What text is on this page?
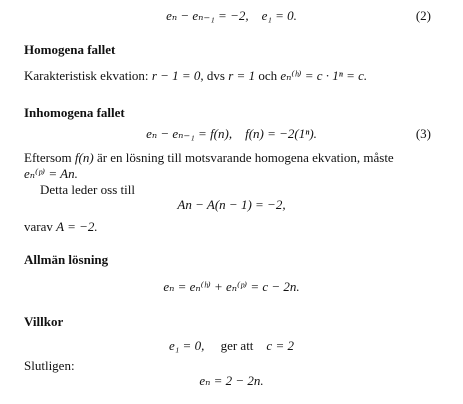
eₙ − eₙ₋₁ = −2, e₁ = 0.	(2)
Homogena fallet
Karakteristisk ekvation: r − 1 = 0, dvs r = 1 och eₙ⁽ʰ⁾ = c · 1ⁿ = c.
Inhomogena fallet
eₙ − eₙ₋₁ = f(n), f(n) = −2(1ⁿ).	(3)
Eftersom f(n) är en lösning till motsvarande homogena ekvation, måste
eₙ⁽ᵖ⁾ = An.
Detta leder oss till
An − A(n − 1) = −2,
varav A = −2.
Allmän lösning
eₙ = eₙ⁽ʰ⁾ + eₙ⁽ᵖ⁾ = c − 2n.
Villkor
e₁ = 0, ger att c = 2
Slutligen:
eₙ = 2 − 2n.
